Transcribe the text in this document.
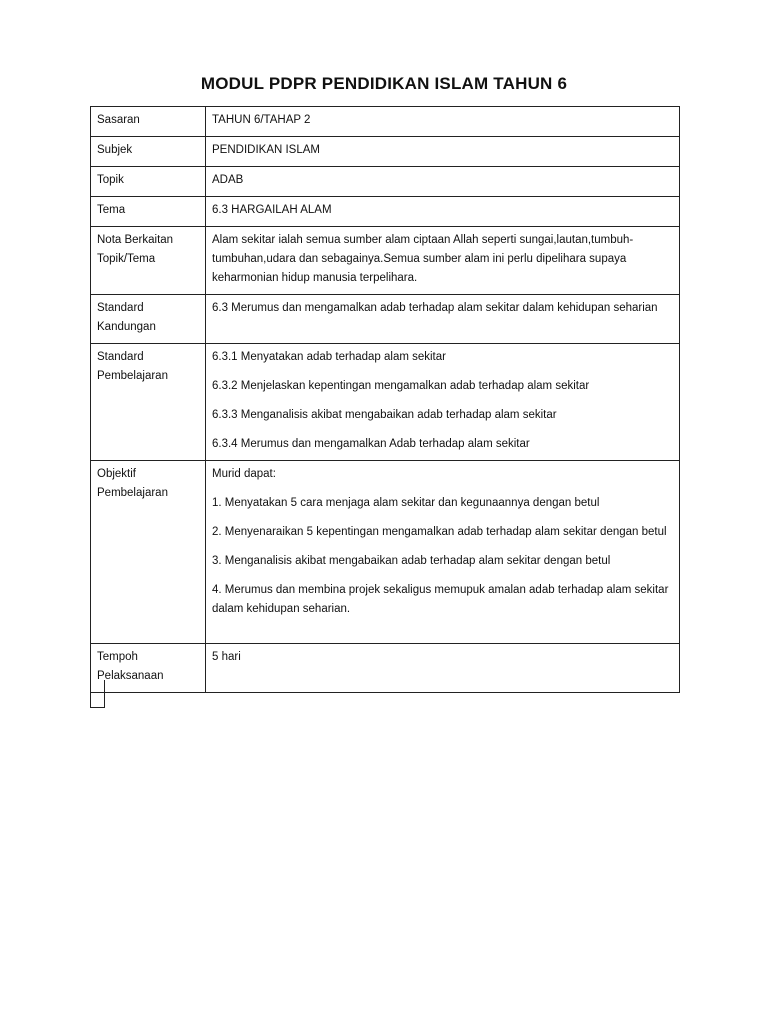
MODUL PDPR PENDIDIKAN ISLAM TAHUN 6
Sasaran	TAHUN 6/TAHAP 2
Subjek	PENDIDIKAN ISLAM
Topik	ADAB
Tema	6.3 HARGAILAH ALAM
Nota Berkaitan Topik/Tema	Alam sekitar ialah semua sumber alam ciptaan Allah seperti sungai,lautan,tumbuh-tumbuhan,udara dan sebagainya.Semua sumber alam ini perlu dipelihara supaya keharmonian hidup manusia terpelihara.
Standard Kandungan	6.3 Merumus dan mengamalkan adab terhadap alam sekitar dalam kehidupan seharian
Standard Pembelajaran	6.3.1 Menyatakan adab terhadap alam sekitar
6.3.2 Menjelaskan kepentingan mengamalkan adab terhadap alam sekitar
6.3.3 Menganalisis akibat mengabaikan adab terhadap alam sekitar
6.3.4 Merumus dan mengamalkan Adab terhadap alam sekitar

Objektif Pembelajaran	Murid dapat:
1. Menyatakan 5 cara menjaga alam sekitar dan kegunaannya dengan betul
2. Menyenaraikan 5 kepentingan mengamalkan adab terhadap alam sekitar dengan betul
3. Menganalisis akibat mengabaikan adab terhadap alam sekitar dengan betul
4. Merumus dan membina projek sekaligus memupuk amalan adab terhadap alam sekitar dalam kehidupan seharian.

Tempoh Pelaksanaan	5 hari
